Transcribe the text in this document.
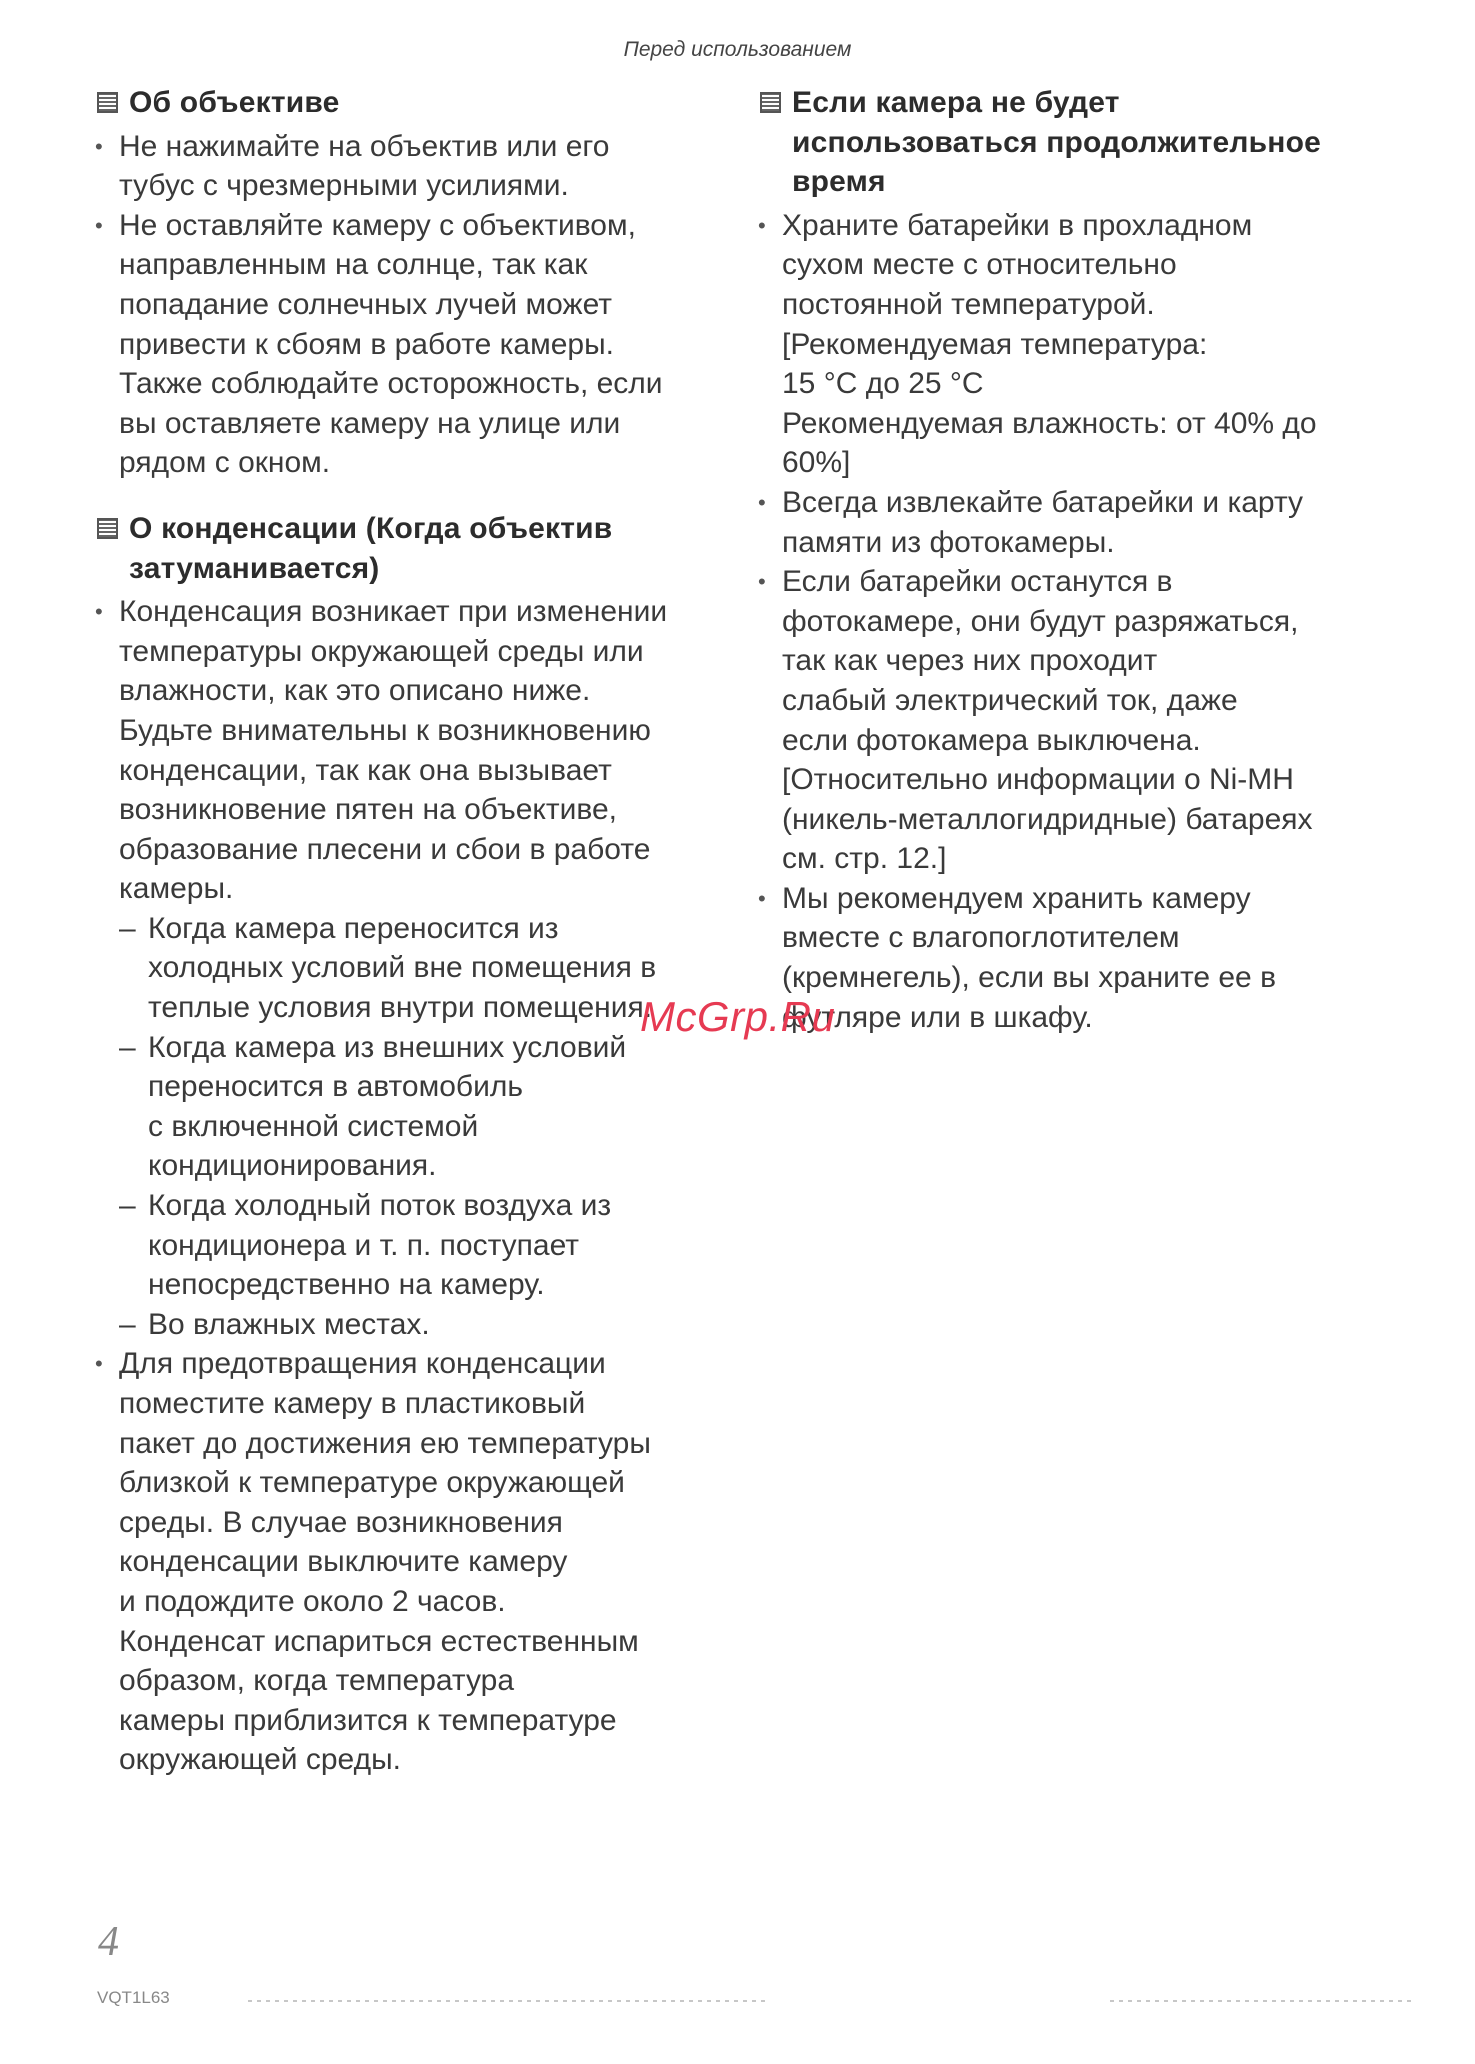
Перед использованием
Об объективе
• Не нажимайте на объектив или его
тубус с чрезмерными усилиями.
• Не оставляйте камеру с объективом,
направленным на солнце, так как
попадание солнечных лучей может
привести к сбоям в работе камеры.
Также соблюдайте осторожность, если
вы оставляете камеру на улице или
рядом с окном.
О конденсации (Когда объектив
затуманивается)
• Конденсация возникает при изменении
температуры окружающей среды или
влажности, как это описано ниже.
Будьте внимательны к возникновению
конденсации, так как она вызывает
возникновение пятен на объективе,
образование плесени и сбои в работе
камеры.
– Когда камера переносится из
холодных условий вне помещения в
теплые условия внутри помещения.
– Когда камера из внешних условий
переносится в автомобиль
с включенной системой
кондиционирования.
– Когда холодный поток воздуха из
кондиционера и т. п. поступает
непосредственно на камеру.
– Во влажных местах.
• Для предотвращения конденсации
поместите камеру в пластиковый
пакет до достижения ею температуры
близкой к температуре окружающей
среды. В случае возникновения
конденсации выключите камеру
и подождите около 2 часов.
Конденсат испариться естественным
образом, когда температура
камеры приблизится к температуре
окружающей среды.
Если камера не будет
использоваться продолжительное
время
• Храните батарейки в прохладном
сухом месте с относительно
постоянной температурой.
[Рекомендуемая температура:
15 °C до 25 °C
Рекомендуемая влажность: от 40% до
60%]
• Всегда извлекайте батарейки и карту
памяти из фотокамеры.
• Если батарейки останутся в
фотокамере, они будут разряжаться,
так как через них проходит
слабый электрический ток, даже
если фотокамера выключена.
[Относительно информации о Ni-MH
(никель-металлогидридные) батареях
см. стр. 12.]
• Мы рекомендуем хранить камеру
вместе с влагопоглотителем
(кремнегель), если вы храните ее в
футляре или в шкафу.
McGrp.Ru
4
VQT1L63
